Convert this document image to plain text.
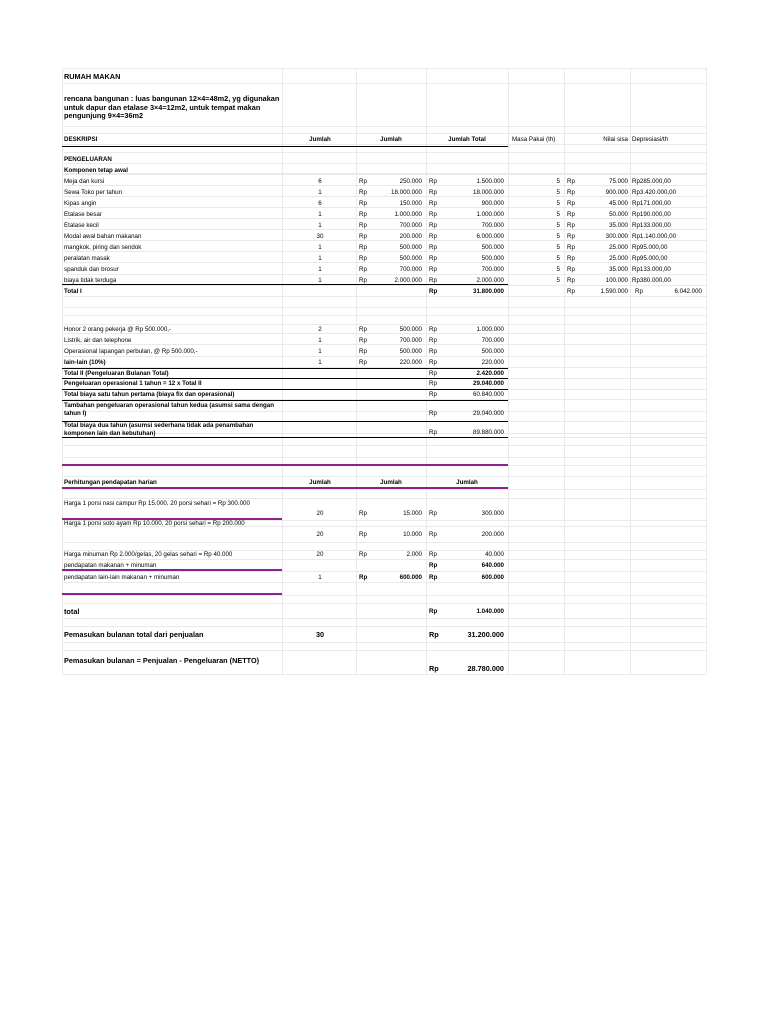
RUMAH MAKAN
rencana bangunan : luas bangunan 12×4=48m2, yg digunakan untuk dapur dan etalase 3×4=12m2, untuk tempat makan pengunjung 9×4=36m2
DESKRIPSI	Jumlah	Jumlah	Jumlah Total	Masa Pakai (th)	Nilai sisa Depresiasi/th
PENGELUARAN
Komponen tetap awal
Meja dan kursi	6	Rp	250.000 Rp	1.500.000	5 Rp	75.000 Rp285.000,00
Sewa Toko per tahun	1	Rp	18.000.000 Rp	18.000.000	5 Rp	900.000 Rp3.420.000,00
Kipas angin	6	Rp	150.000 Rp	900.000	5 Rp	45.000 Rp171.000,00
Etalase besar	1	Rp	1.000.000 Rp	1.000.000	5 Rp	50.000 Rp190.000,00
Etalase kecil	1	Rp	700.000 Rp	700.000	5 Rp	35.000 Rp133.000,00
Modal awal bahan makanan	30	Rp	200.000 Rp	6.000.000	5 Rp	300.000 Rp1.140.000,00
mangkok, piring dan sendok	1	Rp	500.000 Rp	500.000	5 Rp	25.000 Rp95.000,00
peralatan masak	1	Rp	500.000 Rp	500.000	5 Rp	25.000 Rp95.000,00
spanduk dan brosur	1	Rp	700.000 Rp	700.000	5 Rp	35.000 Rp133.000,00
biaya tidak terduga	1	Rp	2.000.000 Rp	2.000.000	5 Rp	100.000 Rp380.000,00
Total I	Rp	31.800.000	Rp	1.590.000 Rp	6.042.000
Honor 2 orang pekerja @ Rp 500.000,-	2	Rp	500.000 Rp	1.000.000
Listrik, air dan telephone	1	Rp	700.000 Rp	700.000
Operasional lapangan perbulan, @ Rp 500.000,-	1	Rp	500.000 Rp	500.000
lain-lain (10%)	1	Rp	220.000 Rp	220.000
Total II (Pengeluaran Bulanan Total)	Rp	2.420.000
Pengeluaran operasional 1 tahun = 12 x Total II	Rp	29.040.000
Total biaya satu tahun pertama (biaya fix dan operasional)	Rp	60.840.000
Tambahan pengeluaran operasional tahun kedua (asumsi sama dengan tahun I)	Rp	29.040.000
Total biaya dua tahun (asumsi sederhana tidak ada penambahan komponen lain dan kebutuhan)	Rp	89.880.000
Perhitungan pendapatan harian	Jumlah	Jumlah	Jumlah
Harga 1 porsi nasi campur Rp 15.000, 20 porsi sehari = Rp 300.000
20	Rp	15.000 Rp	300.000
Harga 1 porsi soto ayam Rp 10.000, 20 porsi sehari = Rp 200.000
20	Rp	10.000 Rp	200.000
Harga minuman Rp 2.000/gelas, 20 gelas sehari = Rp 40.000	20	Rp	2.000 Rp	40.000
pendapatan makanan + minuman	Rp	640.000
pendapatan lain-lain makanan + minuman	1	Rp	600.000 Rp	600.000
total	Rp	1.040.000
Pemasukan bulanan total dari penjualan	30	Rp	31.200.000
Pemasukan bulanan = Penjualan - Pengeluaran (NETTO)
Rp	28.780.000
